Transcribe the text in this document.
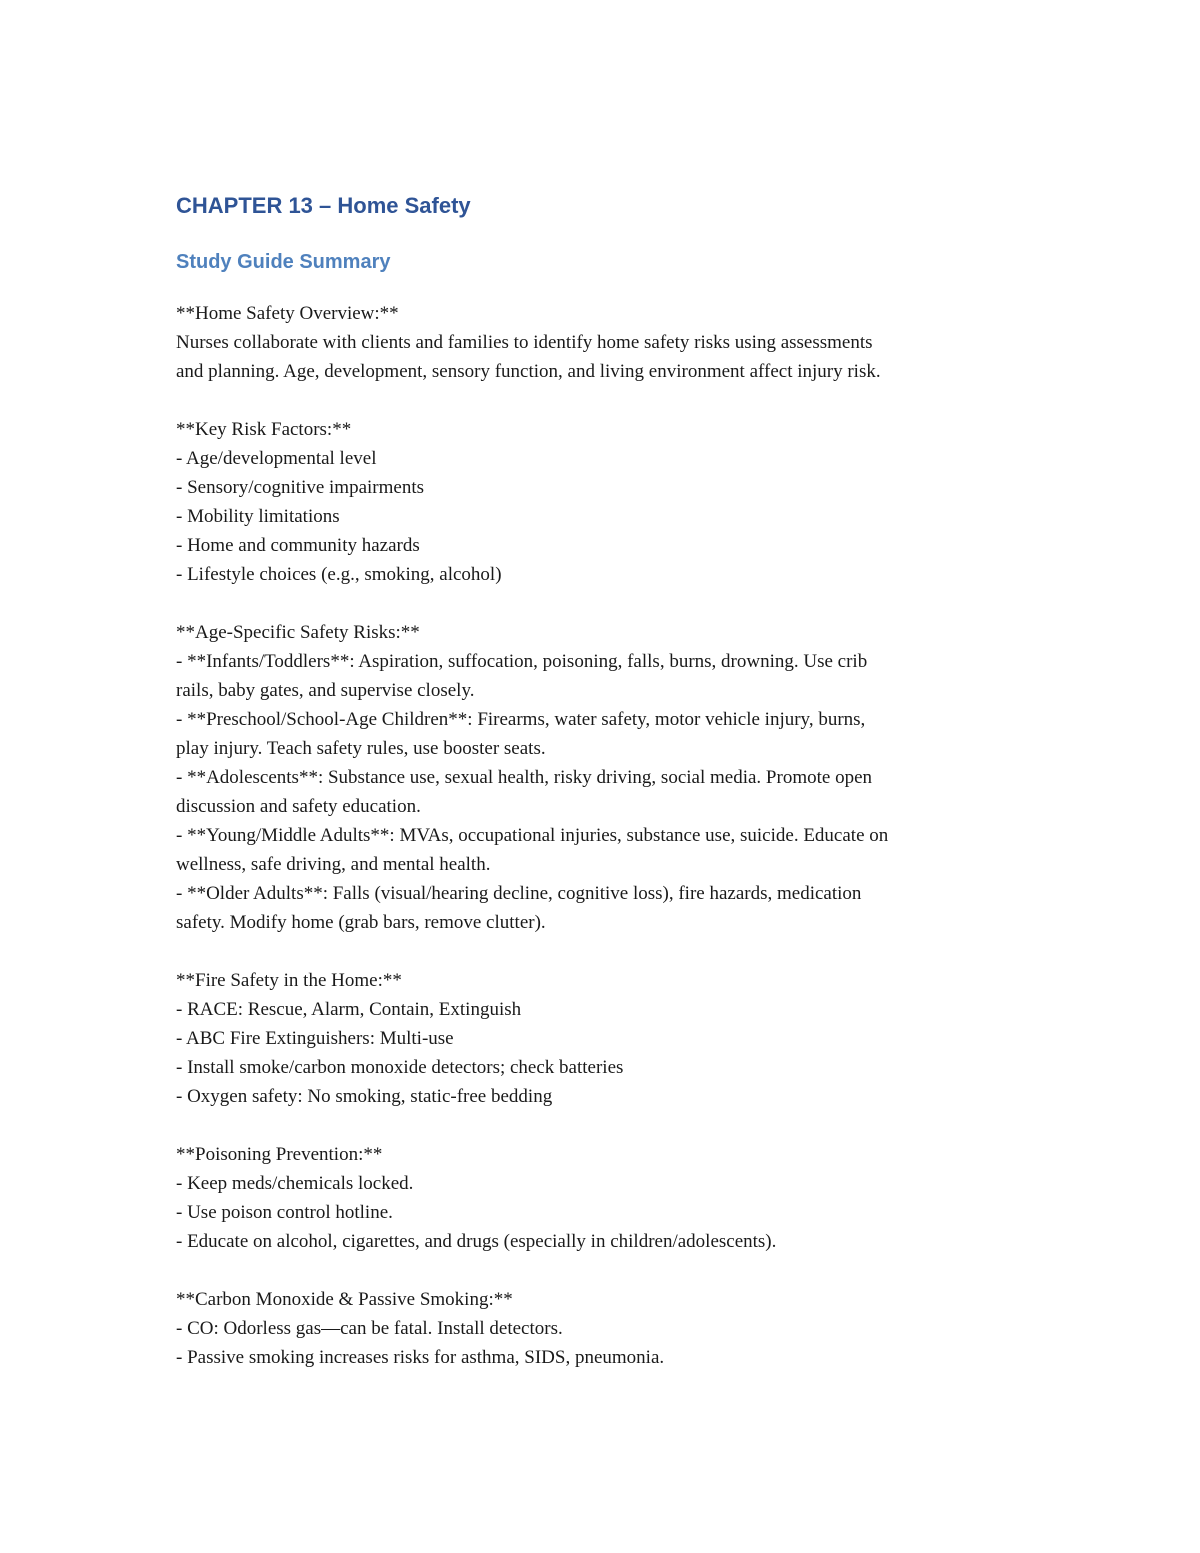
CHAPTER 13 – Home Safety
Study Guide Summary
**Home Safety Overview:**
Nurses collaborate with clients and families to identify home safety risks using assessments
and planning. Age, development, sensory function, and living environment affect injury risk.
**Key Risk Factors:**
- Age/developmental level
- Sensory/cognitive impairments
- Mobility limitations
- Home and community hazards
- Lifestyle choices (e.g., smoking, alcohol)
**Age-Specific Safety Risks:**
- **Infants/Toddlers**: Aspiration, suffocation, poisoning, falls, burns, drowning. Use crib
rails, baby gates, and supervise closely.
- **Preschool/School-Age Children**: Firearms, water safety, motor vehicle injury, burns,
play injury. Teach safety rules, use booster seats.
- **Adolescents**: Substance use, sexual health, risky driving, social media. Promote open
discussion and safety education.
- **Young/Middle Adults**: MVAs, occupational injuries, substance use, suicide. Educate on
wellness, safe driving, and mental health.
- **Older Adults**: Falls (visual/hearing decline, cognitive loss), fire hazards, medication
safety. Modify home (grab bars, remove clutter).
**Fire Safety in the Home:**
- RACE: Rescue, Alarm, Contain, Extinguish
- ABC Fire Extinguishers: Multi-use
- Install smoke/carbon monoxide detectors; check batteries
- Oxygen safety: No smoking, static-free bedding
**Poisoning Prevention:**
- Keep meds/chemicals locked.
- Use poison control hotline.
- Educate on alcohol, cigarettes, and drugs (especially in children/adolescents).
**Carbon Monoxide & Passive Smoking:**
- CO: Odorless gas—can be fatal. Install detectors.
- Passive smoking increases risks for asthma, SIDS, pneumonia.
